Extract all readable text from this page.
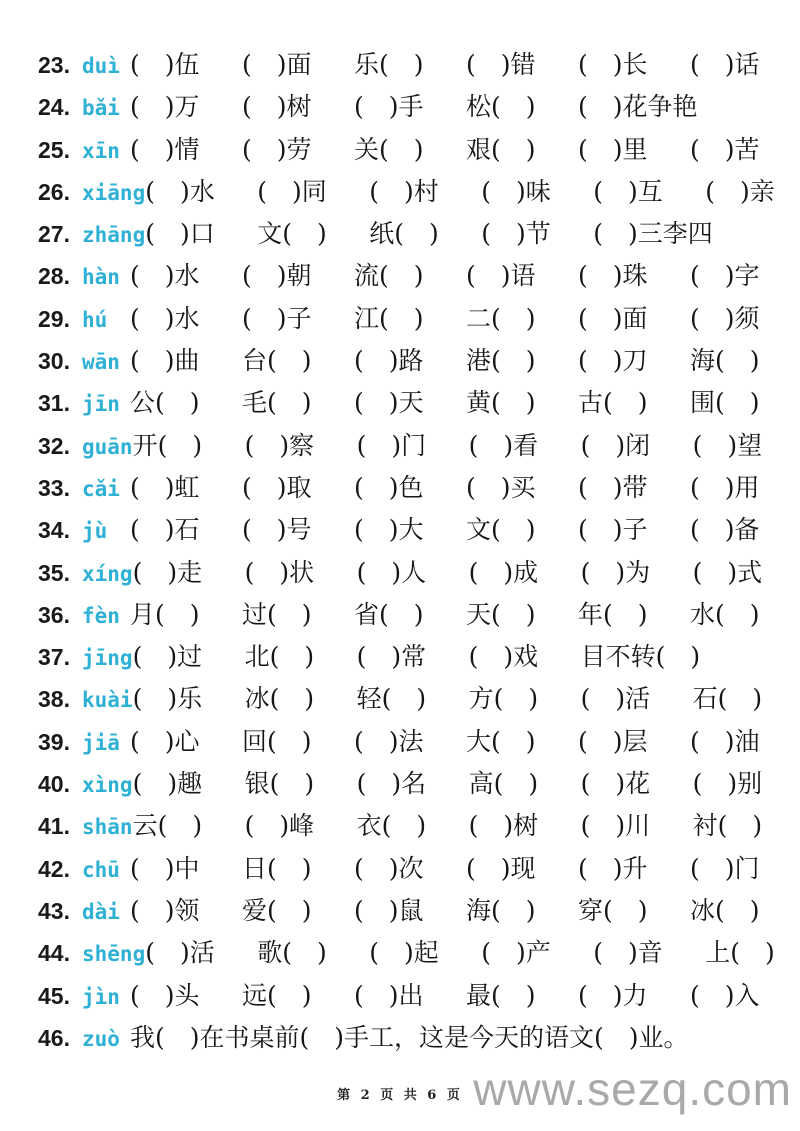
23. duì (　)伍	(　)面	乐(　)	(　)错	(　)长	(　)话
24. bǎi (　)万	(　)树	(　)手	松(　)	(　)花争艳
25. xīn (　)情	(　)劳	关(　)	艰(　)	(　)里	(　)苦
26. xiāng (　)水	(　)同	(　)村	(　)味	(　)互	(　)亲
27. zhāng (　)口	文(　)	纸(　)	(　)节	(　)三李四
28. hàn (　)水	(　)朝	流(　)	(　)语	(　)珠	(　)字
29. hú (　)水	(　)子	江(　)	二(　)	(　)面	(　)须
30. wān (　)曲	台(　)	(　)路	港(　)	(　)刀	海(　)
31. jīn 公(　)	毛(　)	(　)天	黄(　)	古(　)	围(　)
32. guān 开(　)	(　)察	(　)门	(　)看	(　)闭	(　)望
33. cǎi (　)虹	(　)取	(　)色	(　)买	(　)带	(　)用
34. jù (　)石	(　)号	(　)大	文(　)	(　)子	(　)备
35. xíng (　)走	(　)状	(　)人	(　)成	(　)为	(　)式
36. fèn 月(　)	过(　)	省(　)	天(　)	年(　)	水(　)
37. jīng (　)过	北(　)	(　)常	(　)戏	目不转(　)
38. kuài (　)乐	冰(　)	轻(　)	方(　)	(　)活	石(　)
39. jiā (　)心	回(　)	(　)法	大(　)	(　)层	(　)油
40. xìng (　)趣	银(　)	(　)名	高(　)	(　)花	(　)别
41. shān 云(　)	(　)峰	衣(　)	(　)树	(　)川	衬(　)
42. chū (　)中	日(　)	(　)次	(　)现	(　)升	(　)门
43. dài (　)领	爱(　)	(　)鼠	海(　)	穿(　)	冰(　)
44. shēng (　)活	歌(　)	(　)起	(　)产	(　)音	上(　)
45. jìn (　)头	远(　)	(　)出	最(　)	(　)力	(　)入
46. zuò 我(　)在书桌前(　)手工，这是今天的语文(　)业。
第 2 页 共 6 页 www.sezq.com
